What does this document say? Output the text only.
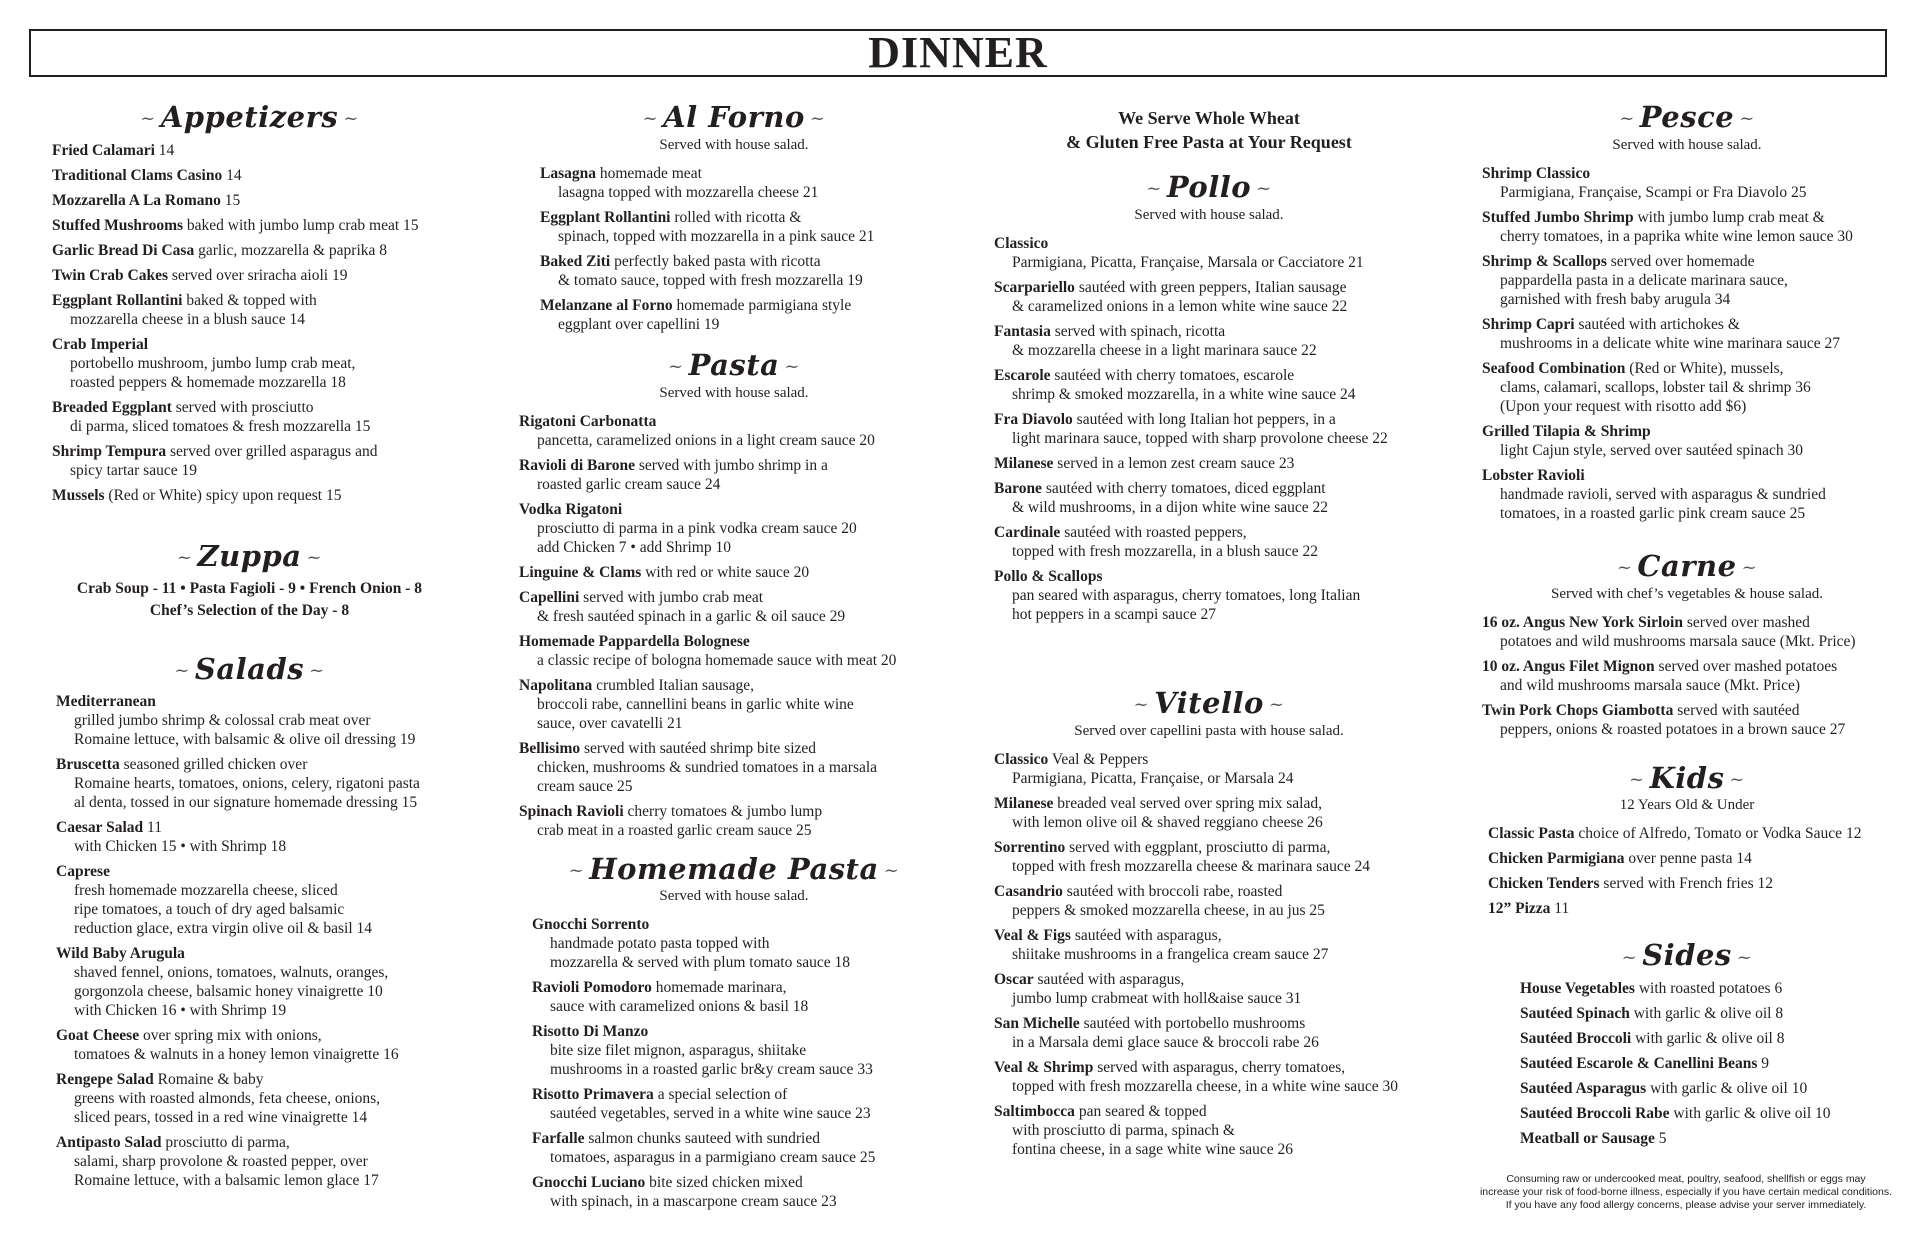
DINNER
~ Appetizers ~
Fried Calamari 14
Traditional Clams Casino 14
Mozzarella A La Romano 15
Stuffed Mushrooms baked with jumbo lump crab meat 15
Garlic Bread Di Casa garlic, mozzarella & paprika 8
Twin Crab Cakes served over sriracha aioli 19
Eggplant Rollantini baked & topped with
mozzarella cheese in a blush sauce 14
Crab Imperial
portobello mushroom, jumbo lump crab meat,
roasted peppers & homemade mozzarella 18
Breaded Eggplant served with prosciutto
di parma, sliced tomatoes & fresh mozzarella 15
Shrimp Tempura served over grilled asparagus and
spicy tartar sauce 19
Mussels (Red or White) spicy upon request 15
~ Zuppa ~
Crab Soup - 11 • Pasta Fagioli - 9 • French Onion - 8
Chef’s Selection of the Day - 8
~ Salads ~
Mediterranean
grilled jumbo shrimp & colossal crab meat over
Romaine lettuce, with balsamic & olive oil dressing 19
Bruscetta seasoned grilled chicken over
Romaine hearts, tomatoes, onions, celery, rigatoni pasta
al denta, tossed in our signature homemade dressing 15
Caesar Salad 11
with Chicken 15 • with Shrimp 18
Caprese
fresh homemade mozzarella cheese, sliced
ripe tomatoes, a touch of dry aged balsamic
reduction glace, extra virgin olive oil & basil 14
Wild Baby Arugula
shaved fennel, onions, tomatoes, walnuts, oranges,
gorgonzola cheese, balsamic honey vinaigrette 10
with Chicken 16 • with Shrimp 19
Goat Cheese over spring mix with onions,
tomatoes & walnuts in a honey lemon vinaigrette 16
Rengepe Salad Romaine & baby
greens with roasted almonds, feta cheese, onions,
sliced pears, tossed in a red wine vinaigrette 14
Antipasto Salad prosciutto di parma,
salami, sharp provolone & roasted pepper, over
Romaine lettuce, with a balsamic lemon glace 17
~ Al Forno ~
Served with house salad.
Lasagna homemade meat
lasagna topped with mozzarella cheese 21
Eggplant Rollantini rolled with ricotta &
spinach, topped with mozzarella in a pink sauce 21
Baked Ziti perfectly baked pasta with ricotta
& tomato sauce, topped with fresh mozzarella 19
Melanzane al Forno homemade parmigiana style
eggplant over capellini 19
~ Pasta ~
Served with house salad.
Rigatoni Carbonatta
pancetta, caramelized onions in a light cream sauce 20
Ravioli di Barone served with jumbo shrimp in a
roasted garlic cream sauce 24
Vodka Rigatoni
prosciutto di parma in a pink vodka cream sauce 20
add Chicken 7 • add Shrimp 10
Linguine & Clams with red or white sauce 20
Capellini served with jumbo crab meat
& fresh sautéed spinach in a garlic & oil sauce 29
Homemade Pappardella Bolognese
a classic recipe of bologna homemade sauce with meat 20
Napolitana crumbled Italian sausage,
broccoli rabe, cannellini beans in garlic white wine
sauce, over cavatelli 21
Bellisimo served with sautéed shrimp bite sized
chicken, mushrooms & sundried tomatoes in a marsala
cream sauce 25
Spinach Ravioli cherry tomatoes & jumbo lump
crab meat in a roasted garlic cream sauce 25
~ Homemade Pasta ~
Served with house salad.
Gnocchi Sorrento
handmade potato pasta topped with
mozzarella & served with plum tomato sauce 18
Ravioli Pomodoro homemade marinara,
sauce with caramelized onions & basil 18
Risotto Di Manzo
bite size filet mignon, asparagus, shiitake
mushrooms in a roasted garlic br&y cream sauce 33
Risotto Primavera a special selection of
sautéed vegetables, served in a white wine sauce 23
Farfalle salmon chunks sauteed with sundried
tomatoes, asparagus in a parmigiano cream sauce 25
Gnocchi Luciano bite sized chicken mixed
with spinach, in a mascarpone cream sauce 23
We Serve Whole Wheat
& Gluten Free Pasta at Your Request
~ Pollo ~
Served with house salad.
Classico
Parmigiana, Picatta, Française, Marsala or Cacciatore 21
Scarpariello sautéed with green peppers, Italian sausage
& caramelized onions in a lemon white wine sauce 22
Fantasia served with spinach, ricotta
& mozzarella cheese in a light marinara sauce 22
Escarole sautéed with cherry tomatoes, escarole
shrimp & smoked mozzarella, in a white wine sauce 24
Fra Diavolo sautéed with long Italian hot peppers, in a
light marinara sauce, topped with sharp provolone cheese 22
Milanese served in a lemon zest cream sauce 23
Barone sautéed with cherry tomatoes, diced eggplant
& wild mushrooms, in a dijon white wine sauce 22
Cardinale sautéed with roasted peppers,
topped with fresh mozzarella, in a blush sauce 22
Pollo & Scallops
pan seared with asparagus, cherry tomatoes, long Italian
hot peppers in a scampi sauce 27
~ Vitello ~
Served over capellini pasta with house salad.
Classico Veal & Peppers
Parmigiana, Picatta, Française, or Marsala 24
Milanese breaded veal served over spring mix salad,
with lemon olive oil & shaved reggiano cheese 26
Sorrentino served with eggplant, prosciutto di parma,
topped with fresh mozzarella cheese & marinara sauce 24
Casandrio sautéed with broccoli rabe, roasted
peppers & smoked mozzarella cheese, in au jus 25
Veal & Figs sautéed with asparagus,
shiitake mushrooms in a frangelica cream sauce 27
Oscar sautéed with asparagus,
jumbo lump crabmeat with holl&aise sauce 31
San Michelle sautéed with portobello mushrooms
in a Marsala demi glace sauce & broccoli rabe 26
Veal & Shrimp served with asparagus, cherry tomatoes,
topped with fresh mozzarella cheese, in a white wine sauce 30
Saltimbocca pan seared & topped
with prosciutto di parma, spinach &
fontina cheese, in a sage white wine sauce 26
~ Pesce ~
Served with house salad.
Shrimp Classico
Parmigiana, Française, Scampi or Fra Diavolo 25
Stuffed Jumbo Shrimp with jumbo lump crab meat &
cherry tomatoes, in a paprika white wine lemon sauce 30
Shrimp & Scallops served over homemade
pappardella pasta in a delicate marinara sauce,
garnished with fresh baby arugula 34
Shrimp Capri sautéed with artichokes &
mushrooms in a delicate white wine marinara sauce 27
Seafood Combination (Red or White), mussels,
clams, calamari, scallops, lobster tail & shrimp 36
(Upon your request with risotto add $6)
Grilled Tilapia & Shrimp
light Cajun style, served over sautéed spinach 30
Lobster Ravioli
handmade ravioli, served with asparagus & sundried
tomatoes, in a roasted garlic pink cream sauce 25
~ Carne ~
Served with chef’s vegetables & house salad.
16 oz. Angus New York Sirloin served over mashed
potatoes and wild mushrooms marsala sauce (Mkt. Price)
10 oz. Angus Filet Mignon served over mashed potatoes
and wild mushrooms marsala sauce (Mkt. Price)
Twin Pork Chops Giambotta served with sautéed
peppers, onions & roasted potatoes in a brown sauce 27
~ Kids ~
12 Years Old & Under
Classic Pasta choice of Alfredo, Tomato or Vodka Sauce 12
Chicken Parmigiana over penne pasta 14
Chicken Tenders served with French fries 12
12” Pizza 11
~ Sides ~
House Vegetables with roasted potatoes 6
Sautéed Spinach with garlic & olive oil 8
Sautéed Broccoli with garlic & olive oil 8
Sautéed Escarole & Canellini Beans 9
Sautéed Asparagus with garlic & olive oil 10
Sautéed Broccoli Rabe with garlic & olive oil 10
Meatball or Sausage 5
Consuming raw or undercooked meat, poultry, seafood, shellfish or eggs may
increase your risk of food-borne illness, especially if you have certain medical conditions.
If you have any food allergy concerns, please advise your server immediately.
